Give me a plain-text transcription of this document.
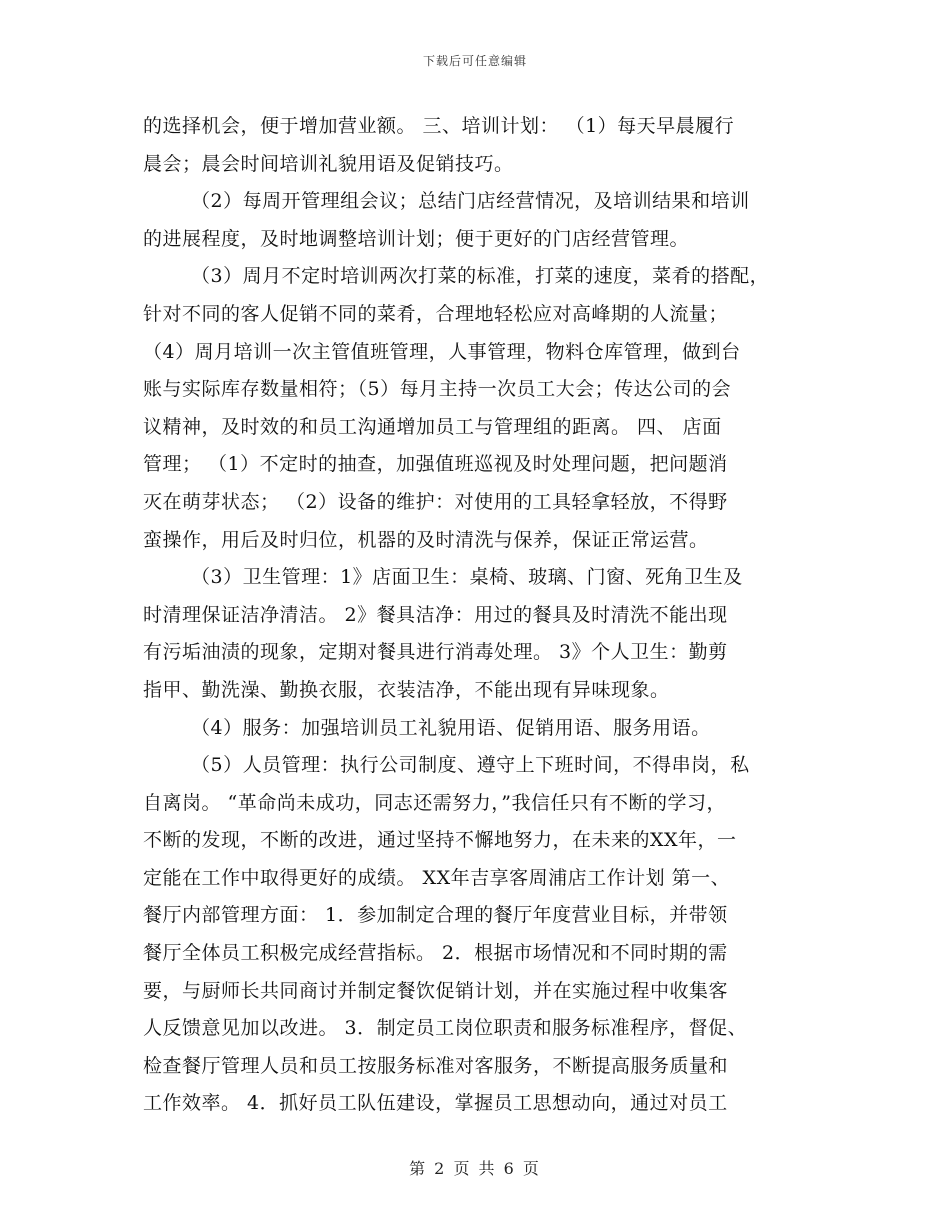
下载后可任意编辑
的选择机会，便于增加营业额。 三、培训计划： （1）每天早晨履行
晨会；晨会时间培训礼貌用语及促销技巧。
（2）每周开管理组会议；总结门店经营情况，及培训结果和培训
的进展程度，及时地调整培训计划；便于更好的门店经营管理。
（3）周月不定时培训两次打菜的标准，打菜的速度，菜肴的搭配，
针对不同的客人促销不同的菜肴，合理地轻松应对高峰期的人流量；
（4）周月培训一次主管值班管理，人事管理，物料仓库管理，做到台
账与实际库存数量相符；（5）每月主持一次员工大会；传达公司的会
议精神，及时效的和员工沟通增加员工与管理组的距离。 四、 店面
管理； （1）不定时的抽查，加强值班巡视及时处理问题，把问题消
灭在萌芽状态； （2）设备的维护：对使用的工具轻拿轻放，不得野
蛮操作，用后及时归位，机器的及时清洗与保养，保证正常运营。
（3）卫生管理：1》店面卫生：桌椅、玻璃、门窗、死角卫生及
时清理保证洁净清洁。 2》餐具洁净：用过的餐具及时清洗不能出现
有污垢油渍的现象，定期对餐具进行消毒处理。 3》个人卫生：勤剪
指甲、勤洗澡、勤换衣服，衣装洁净，不能出现有异味现象。
（4）服务：加强培训员工礼貌用语、促销用语、服务用语。
（5）人员管理：执行公司制度、遵守上下班时间，不得串岗，私
自离岗。 “革命尚未成功，同志还需努力，”我信任只有不断的学习，
不断的发现，不断的改进，通过坚持不懈地努力，在未来的XX年，一
定能在工作中取得更好的成绩。 XX年吉享客周浦店工作计划 第一、
餐厅内部管理方面： 1．参加制定合理的餐厅年度营业目标，并带领
餐厅全体员工积极完成经营指标。 2．根据市场情况和不同时期的需
要，与厨师长共同商讨并制定餐饮促销计划，并在实施过程中收集客
人反馈意见加以改进。 3．制定员工岗位职责和服务标准程序，督促、
检查餐厅管理人员和员工按服务标准对客服务，不断提高服务质量和
工作效率。 4．抓好员工队伍建设，掌握员工思想动向，通过对员工
第 2 页 共 6 页
